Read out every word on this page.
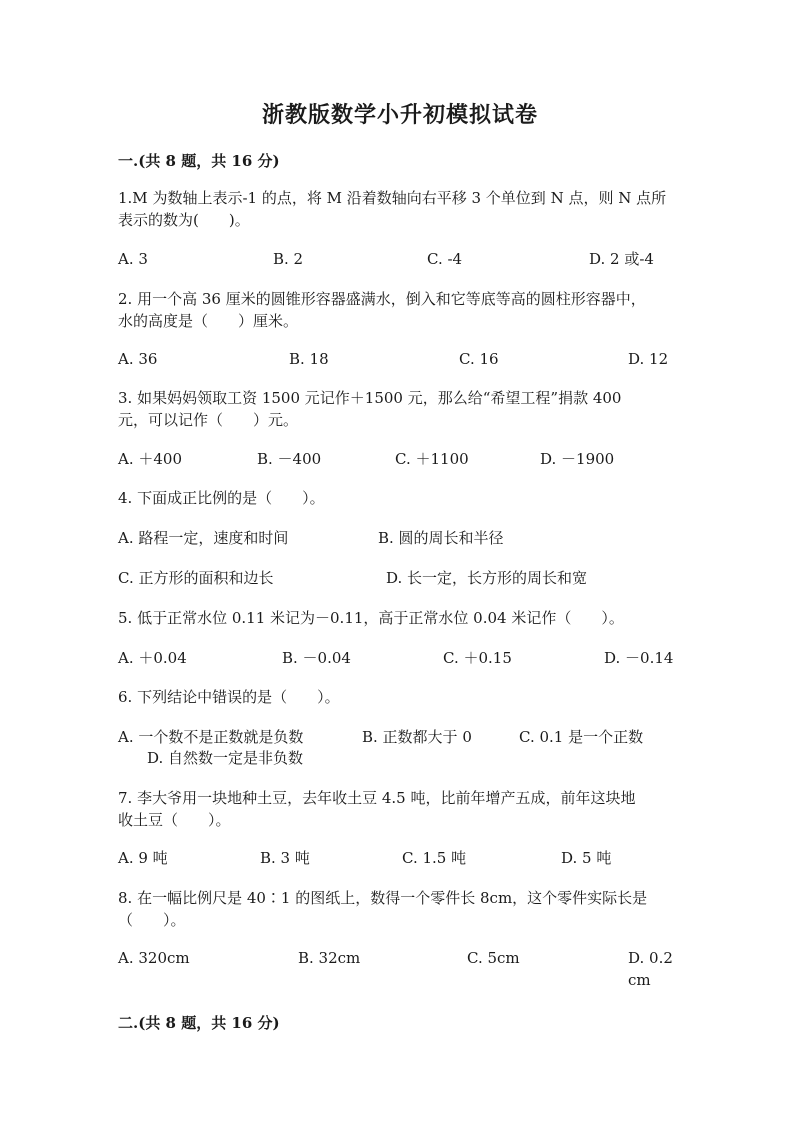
浙教版数学小升初模拟试卷
一.(共 8 题，共 16 分)
1.M 为数轴上表示-1 的点，将 M 沿着数轴向右平移 3 个单位到 N 点，则 N 点所
表示的数为(　　)。
A. 3	B. 2	C. -4	D. 2 或-4
2. 用一个高 36 厘米的圆锥形容器盛满水，倒入和它等底等高的圆柱形容器中，
水的高度是（　　）厘米。
A. 36	B. 18	C. 16	D. 12
3. 如果妈妈领取工资 1500 元记作＋1500 元，那么给“希望工程”捐款 400
元，可以记作（　　）元。
A. ＋400	B. －400	C. ＋1100	D. －1900
4. 下面成正比例的是（　　）。
A. 路程一定，速度和时间	B. 圆的周长和半径
C. 正方形的面积和边长	D. 长一定，长方形的周长和宽
5. 低于正常水位 0.11 米记为－0.11，高于正常水位 0.04 米记作（　　）。
A. ＋0.04	B. －0.04	C. ＋0.15	D. －0.14
6. 下列结论中错误的是（　　）。
A. 一个数不是正数就是负数	B. 正数都大于 0	C. 0.1 是一个正数
D. 自然数一定是非负数
7. 李大爷用一块地种土豆，去年收土豆 4.5 吨，比前年增产五成，前年这块地
收土豆（　　）。
A. 9 吨	B. 3 吨	C. 1.5 吨	D. 5 吨
8. 在一幅比例尺是 40∶1 的图纸上，数得一个零件长 8cm，这个零件实际长是
（　　）。
A. 320cm	B. 32cm	C. 5cm	D. 0.2cm
二.(共 8 题，共 16 分)
